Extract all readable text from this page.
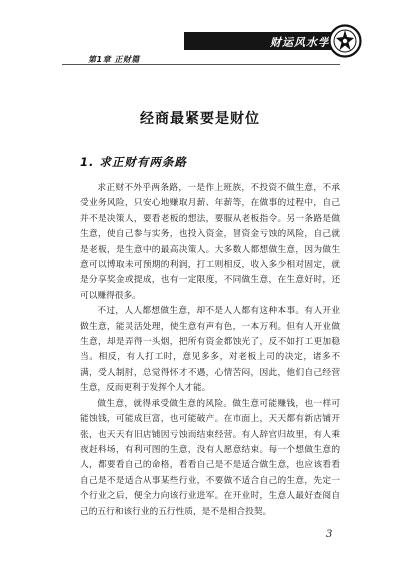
财运风水学
第1章 正财篇
经商最紧要是财位
1. 求正财有两条路

求正财不外乎两条路，一是作上班族，不投资不做生意，不承受业务风险，只安心地赚取月薪、年薪等，在做事的过程中，自己并不是决策人，要看老板的想法，要服从老板指令。另一条路是做生意，使自己参与实务，也投入资金，冒资金亏蚀的风险，自己就是老板，是生意中的最高决策人。大多数人都想做生意，因为做生意可以博取未可预期的利润，打工则相反，收入多少相对固定，就是分享奖金或提成，也有一定限度，不同做生意，在生意好时，还可以赚得很多。

不过，人人都想做生意，却不是人人都有这种本事。有人开业做生意，能灵活处理，使生意有声有色，一本万利。但有人开业做生意，却是弄得一头烟，把所有资金都蚀光了，反不如打工更加稳当。相反，有人打工时，意见多多，对老板上司的决定，诸多不满，受人制肘，总觉得怀才不遇，心情苦闷，因此，他们自己经营生意，反而更利于发挥个人才能。

做生意，就得承受做生意的风险。做生意可能赚钱，也一样可能蚀钱，可能成巨富，也可能破产。在市面上，天天都有新店铺开张，也天天有旧店铺因亏蚀而结束经营。有人辞官归故里，有人乘夜赶科场，有利可图的生意，没有人愿意结束。每一个想做生意的人，都要看自己的命格，看看自己是不是适合做生意，也应该看看自己是不是适合从事某些行业，不要做不适合自己的生意，先定一个行业之后，便全力向该行业进军。在开业时，生意人最好查阅自己的五行和该行业的五行性质，是不是相合投契。

3
